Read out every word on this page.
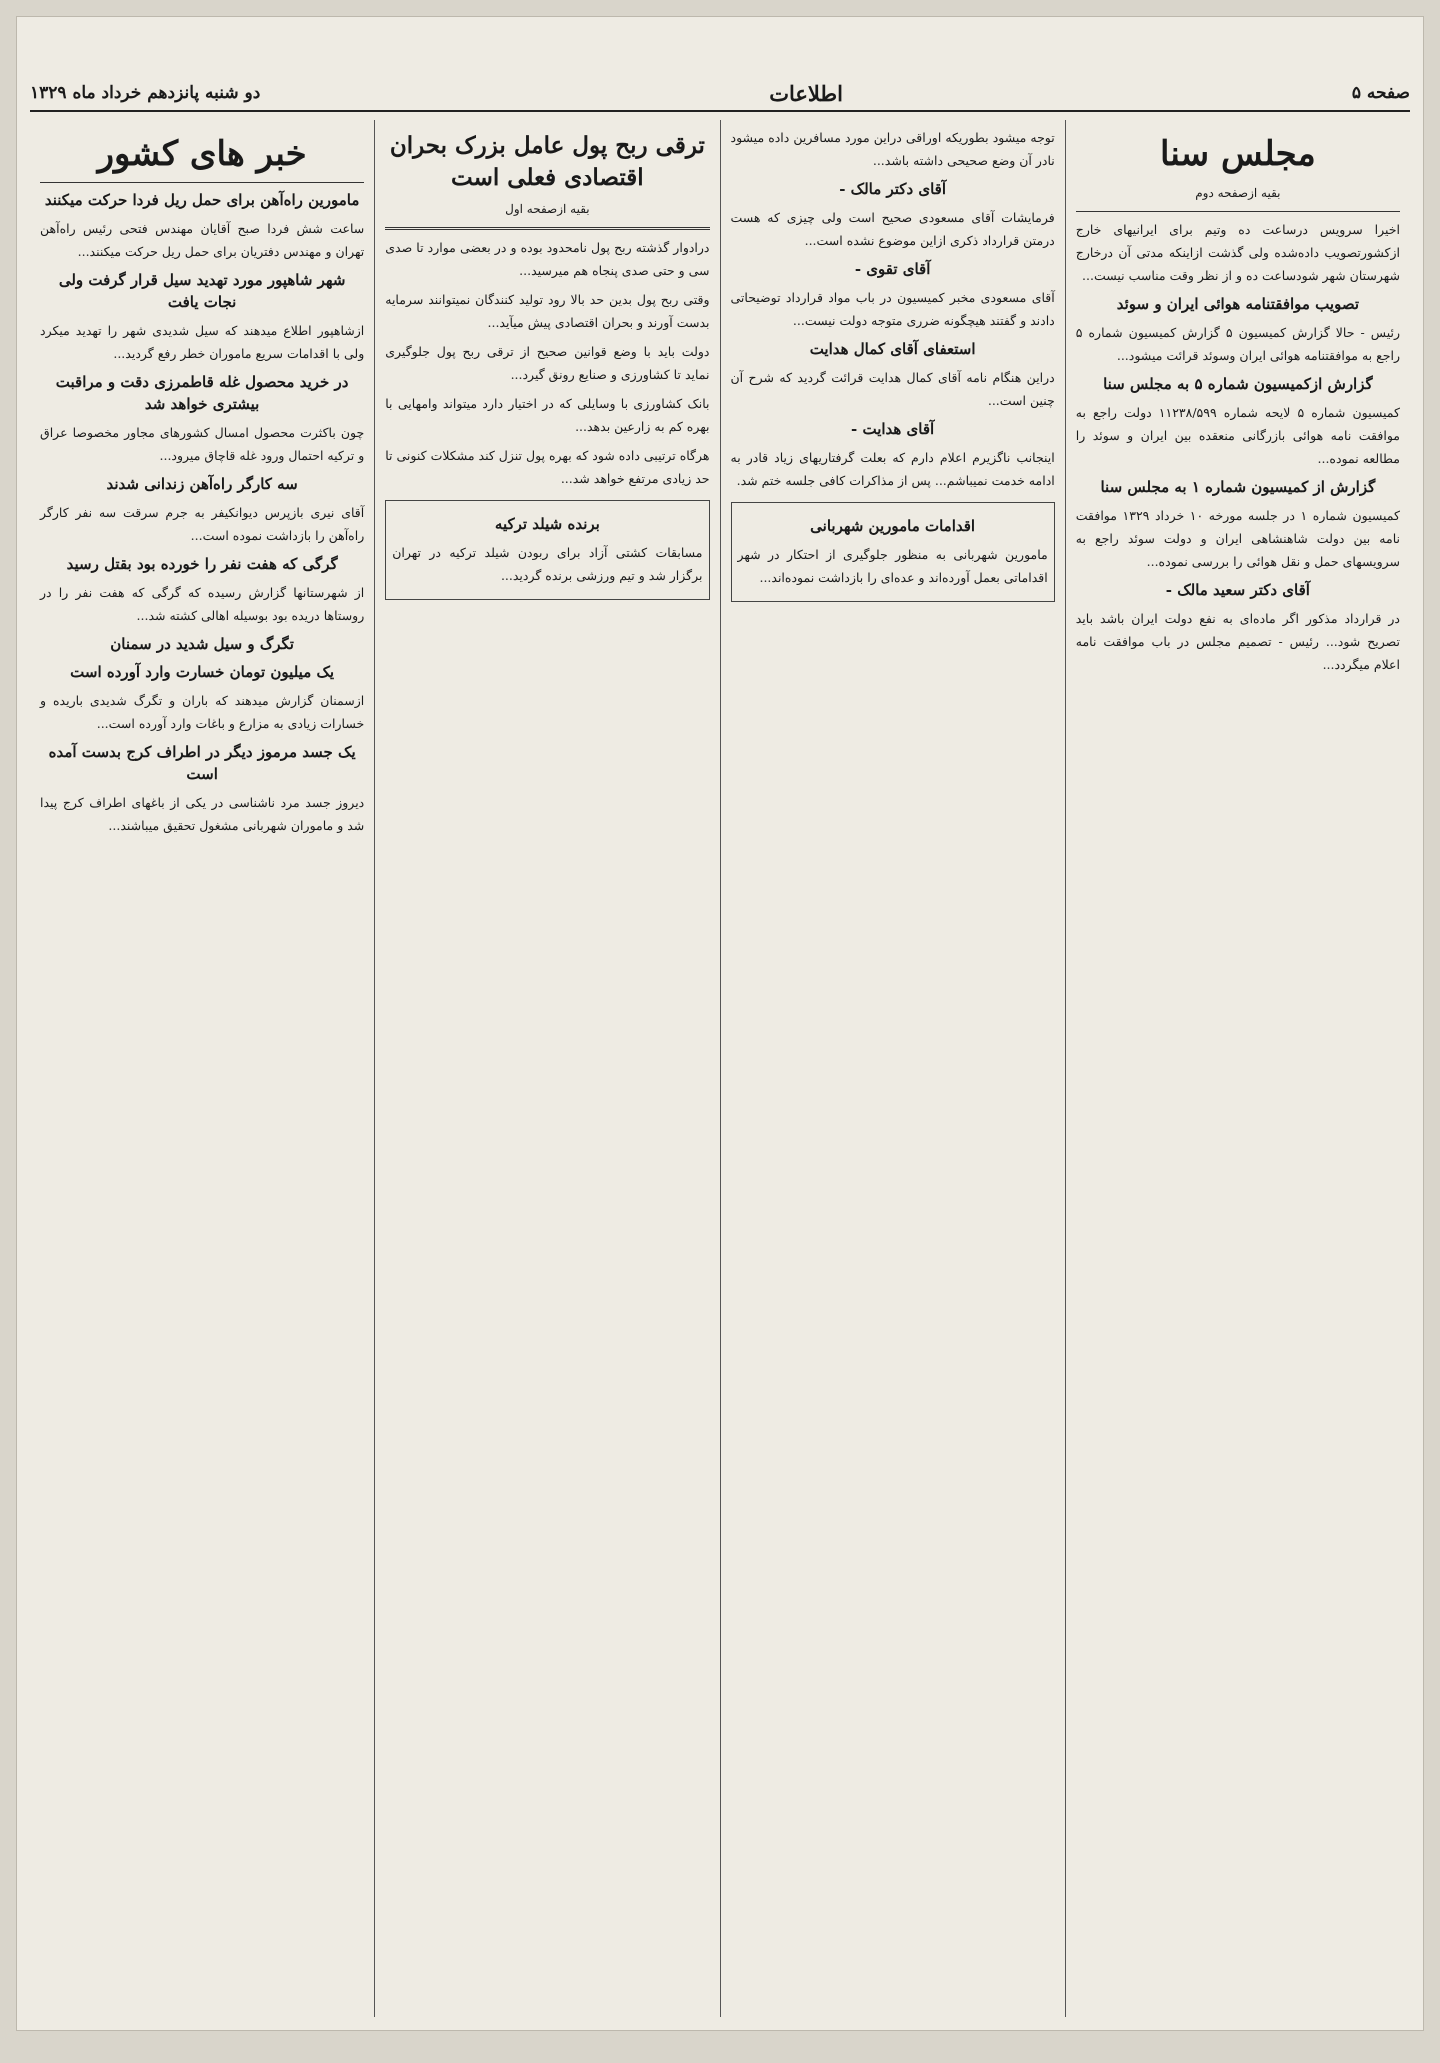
صفحه ۵
اطلاعات
دو شنبه پانزدهم خرداد ماه ۱۳۲۹
مجلس سنا
بقیه ازصفحه دوم

اخیرا سرویس درساعت ده وتیم برای ایرانیهای خارج ازکشورتصویب داده‌شده ولی گذشت ازاینکه مدتی آن درخارج شهرستان شهر شودساعت ده و از نظر وقت مناسب نیست...

تصویب موافقتنامه هوائی ایران و سوئد

رئیس - حالا گزارش کمیسیون ۵ گزارش کمیسیون شماره ۵ راجع به موافقتنامه هوائی ایران وسوئد قرائت میشود...

گزارش ازکمیسیون شماره ۵ به مجلس سنا

کمیسیون شماره ۵ لایحه شماره ۱۱۲۳۸/۵۹۹ دولت راجع به موافقت نامه هوائی بازرگانی منعقده بین ایران و سوئد را مطالعه نموده...

گزارش از کمیسیون شماره ۱ به مجلس سنا

کمیسیون شماره ۱ در جلسه مورخه ۱۰ خرداد ۱۳۲۹ موافقت نامه بین دولت شاهنشاهی ایران و دولت سوئد راجع به سرویسهای حمل و نقل هوائی را بررسی نموده...

آقای دکتر سعید مالک -

در قرارداد مذکور اگر ماده‌ای به نفع دولت ایران باشد باید تصریح شود... رئیس - تصمیم مجلس در باب موافقت نامه اعلام میگردد...

توجه میشود بطوریکه اوراقی دراین مورد مسافرین داده میشود نادر آن وضع صحیحی داشته باشد...

آقای دکتر مالک -

فرمایشات آقای مسعودی صحیح است ولی چیزی که هست درمتن قرارداد ذکری ازاین موضوع نشده است...

آقای تقوی -

آقای مسعودی مخبر کمیسیون در باب مواد قرارداد توضیحاتی دادند و گفتند هیچگونه ضرری متوجه دولت نیست...

استعفای آقای کمال هدایت

دراین هنگام نامه آقای کمال هدایت قرائت گردید که شرح آن چنین است...

آقای هدایت -

اینجانب ناگزیرم اعلام دارم که بعلت گرفتاریهای زیاد قادر به ادامه خدمت نمیباشم... پس از مذاکرات کافی جلسه ختم شد.

اقدامات مامورین شهربانی

مامورین شهربانی به منظور جلوگیری از احتکار در شهر اقداماتی بعمل آورده‌اند و عده‌ای را بازداشت نموده‌اند...

ترقی ربح پول عامل بزرک بحران اقتصادی فعلی است
بقیه ازصفحه اول

درادوار گذشته ربح پول نامحدود بوده و در بعضی موارد تا صدی سی و حتی صدی پنجاه هم میرسید...

وقتی ربح پول بدین حد بالا رود تولید کنندگان نمیتوانند سرمایه بدست آورند و بحران اقتصادی پیش میآید...

دولت باید با وضع قوانین صحیح از ترقی ربح پول جلوگیری نماید تا کشاورزی و صنایع رونق گیرد...

بانک کشاورزی با وسایلی که در اختیار دارد میتواند وامهایی با بهره کم به زارعین بدهد...

هرگاه ترتیبی داده شود که بهره پول تنزل کند مشکلات کنونی تا حد زیادی مرتفع خواهد شد...

برنده شیلد ترکیه

مسابقات کشتی آزاد برای ربودن شیلد ترکیه در تهران برگزار شد و تیم ورزشی برنده گردید...

خبر های کشور
مامورین راه‌آهن برای حمل ریل فردا حرکت میکنند

ساعت شش فردا صبح آقایان مهندس فتحی رئیس راه‌آهن تهران و مهندس دفتریان برای حمل ریل حرکت میکنند...

شهر شاهپور مورد تهدید سیل قرار گرفت ولی نجات یافت

ازشاهپور اطلاع میدهند که سیل شدیدی شهر را تهدید میکرد ولی با اقدامات سریع ماموران خطر رفع گردید...

در خرید محصول غله قاطمرزی دقت و مراقبت بیشتری خواهد شد

چون باکثرت محصول امسال کشورهای مجاور مخصوصا عراق و ترکیه احتمال ورود غله قاچاق میرود...

سه کارگر راه‌آهن زندانی شدند

آقای نیری بازپرس دیوانکیفر به جرم سرقت سه نفر کارگر راه‌آهن را بازداشت نموده است...

گرگی که هفت نفر را خورده بود بقتل رسید

از شهرستانها گزارش رسیده که گرگی که هفت نفر را در روستاها دریده بود بوسیله اهالی کشته شد...

تگرگ و سیل شدید در سمنان
یک میلیون تومان خسارت وارد آورده است

ازسمنان گزارش میدهند که باران و تگرگ شدیدی باریده و خسارات زیادی به مزارع و باغات وارد آورده است...

یک جسد مرموز دیگر در اطراف کرج بدست آمده است

دیروز جسد مرد ناشناسی در یکی از باغهای اطراف کرج پیدا شد و ماموران شهربانی مشغول تحقیق میباشند...
